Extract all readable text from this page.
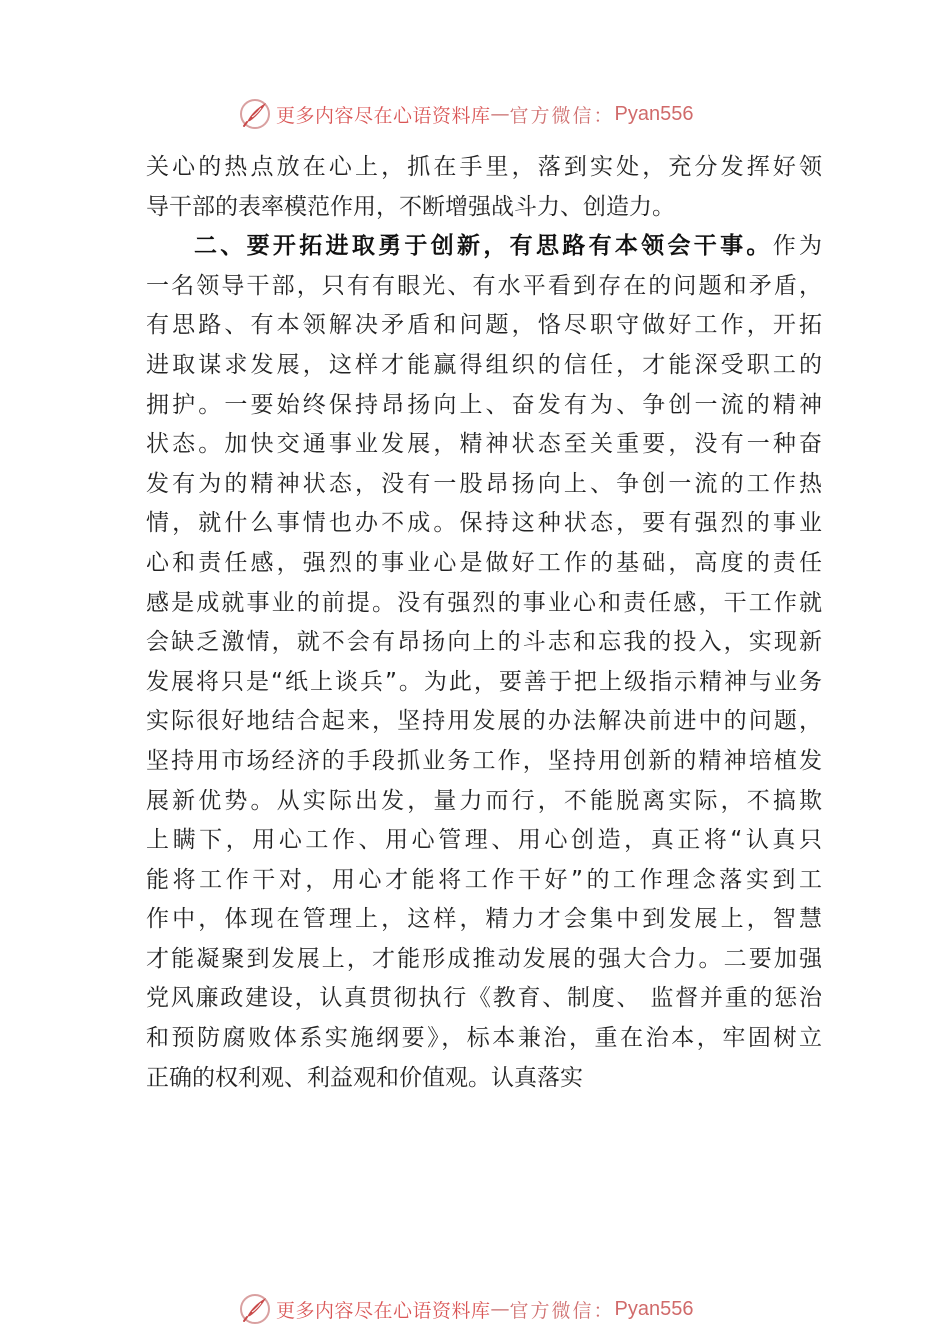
更多内容尽在心语资料库 — 官方微信： Pyan556
关心的热点放在心上，抓在手里，落到实处，充分发挥好领
导干部的表率模范作用，不断增强战斗力、创造力。
二、要开拓进取勇于创新，有思路有本领会干事。作为
一名领导干部，只有有眼光、有水平看到存在的问题和矛盾，
有思路、有本领解决矛盾和问题，恪尽职守做好工作，开拓
进取谋求发展，这样才能赢得组织的信任，才能深受职工的
拥护。一要始终保持昂扬向上、奋发有为、争创一流的精神
状态。加快交通事业发展，精神状态至关重要，没有一种奋
发有为的精神状态，没有一股昂扬向上、争创一流的工作热
情，就什么事情也办不成。保持这种状态，要有强烈的事业
心和责任感，强烈的事业心是做好工作的基础，高度的责任
感是成就事业的前提。没有强烈的事业心和责任感，干工作就
会缺乏激情，就不会有昂扬向上的斗志和忘我的投入，实现新
发展将只是“纸上谈兵”。为此，要善于把上级指示精神与业务
实际很好地结合起来，坚持用发展的办法解决前进中的问题，
坚持用市场经济的手段抓业务工作，坚持用创新的精神培植发
展新优势。从实际出发，量力而行，不能脱离实际，不搞欺
上瞒下，用心工作、用心管理、用心创造，真正将“认真只
能将工作干对，用心才能将工作干好”的工作理念落实到工
作中，体现在管理上，这样，精力才会集中到发展上，智慧
才能凝聚到发展上，才能形成推动发展的强大合力。二要加强
党风廉政建设，认真贯彻执行《教育、制度、 监督并重的惩治
和预防腐败体系实施纲要》，标本兼治，重在治本，牢固树立
正确的权利观、利益观和价值观。认真落实
更多内容尽在心语资料库 — 官方微信： Pyan556
